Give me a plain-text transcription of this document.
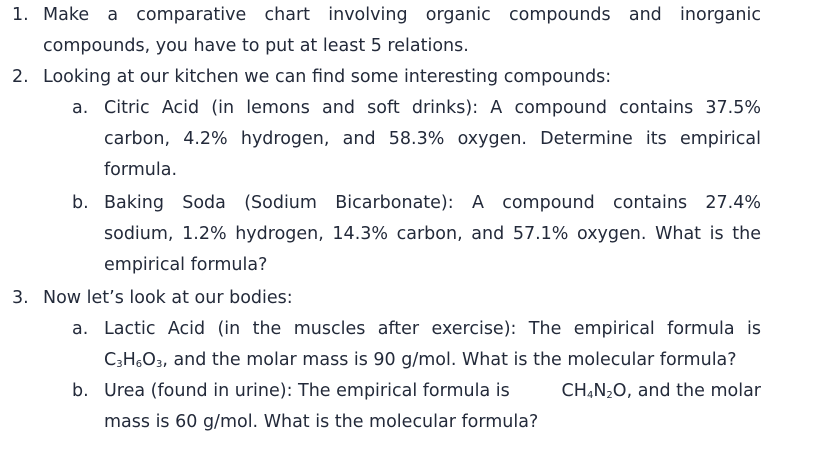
1. Make a comparative chart involving organic compounds and inorganic
compounds, you have to put at least 5 relations.
2. Looking at our kitchen we can find some interesting compounds:
a. Citric Acid (in lemons and soft drinks): A compound contains 37.5%
carbon, 4.2% hydrogen, and 58.3% oxygen. Determine its empirical
formula.
b. Baking Soda (Sodium Bicarbonate): A compound contains 27.4%
sodium, 1.2% hydrogen, 14.3% carbon, and 57.1% oxygen. What is the
empirical formula?
3. Now let’s look at our bodies:
a. Lactic Acid (in the muscles after exercise): The empirical formula is
$C_3H_6O_3$, and the molar mass is 90 g/mol. What is the molecular formula?
b. Urea (found in urine): The empirical formula is	$CH_4N_2O$, and the molar
mass is 60 g/mol. What is the molecular formula?
